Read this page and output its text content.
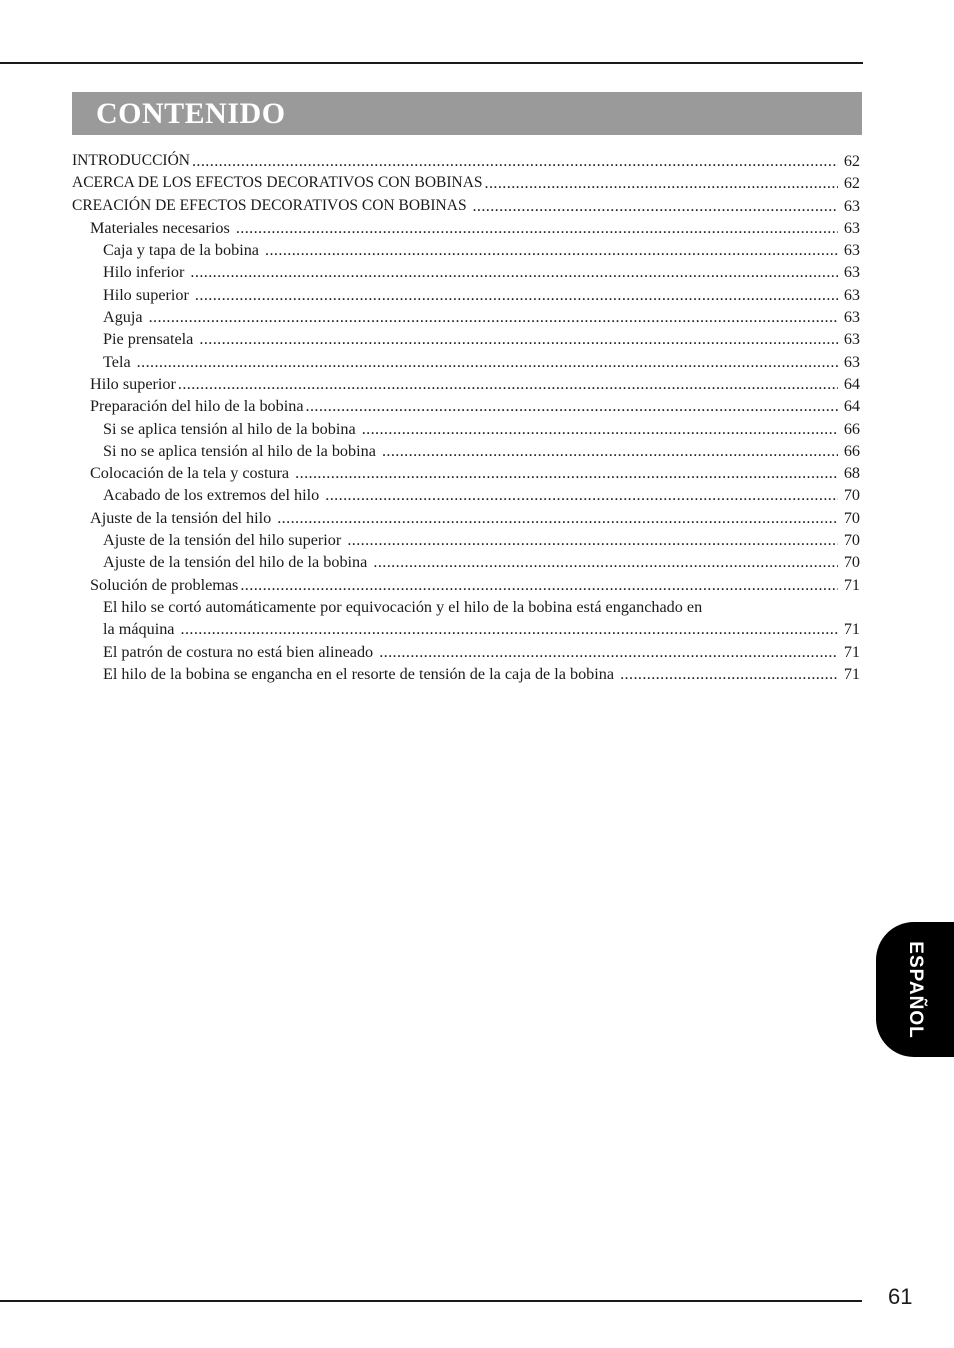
CONTENIDO
INTRODUCCIÓN .....	62
ACERCA DE LOS EFECTOS DECORATIVOS CON BOBINAS .....	62
CREACIÓN DE EFECTOS DECORATIVOS CON BOBINAS .....	63
Materiales necesarios .....	63
Caja y tapa de la bobina .....	63
Hilo inferior .....	63
Hilo superior .....	63
Aguja .....	63
Pie prensatela .....	63
Tela .....	63
Hilo superior .....	64
Preparación del hilo de la bobina .....	64
Si se aplica tensión al hilo de la bobina .....	66
Si no se aplica tensión al hilo de la bobina .....	66
Colocación de la tela y costura .....	68
Acabado de los extremos del hilo .....	70
Ajuste de la tensión del hilo .....	70
Ajuste de la tensión del hilo superior .....	70
Ajuste de la tensión del hilo de la bobina .....	70
Solución de problemas .....	71
El hilo se cortó automáticamente por equivocación y el hilo de la bobina está enganchado en
la máquina .....	71
El patrón de costura no está bien alineado .....	71
El hilo de la bobina se engancha en el resorte de tensión de la caja de la bobina .....	71
ESPAÑOL
61
